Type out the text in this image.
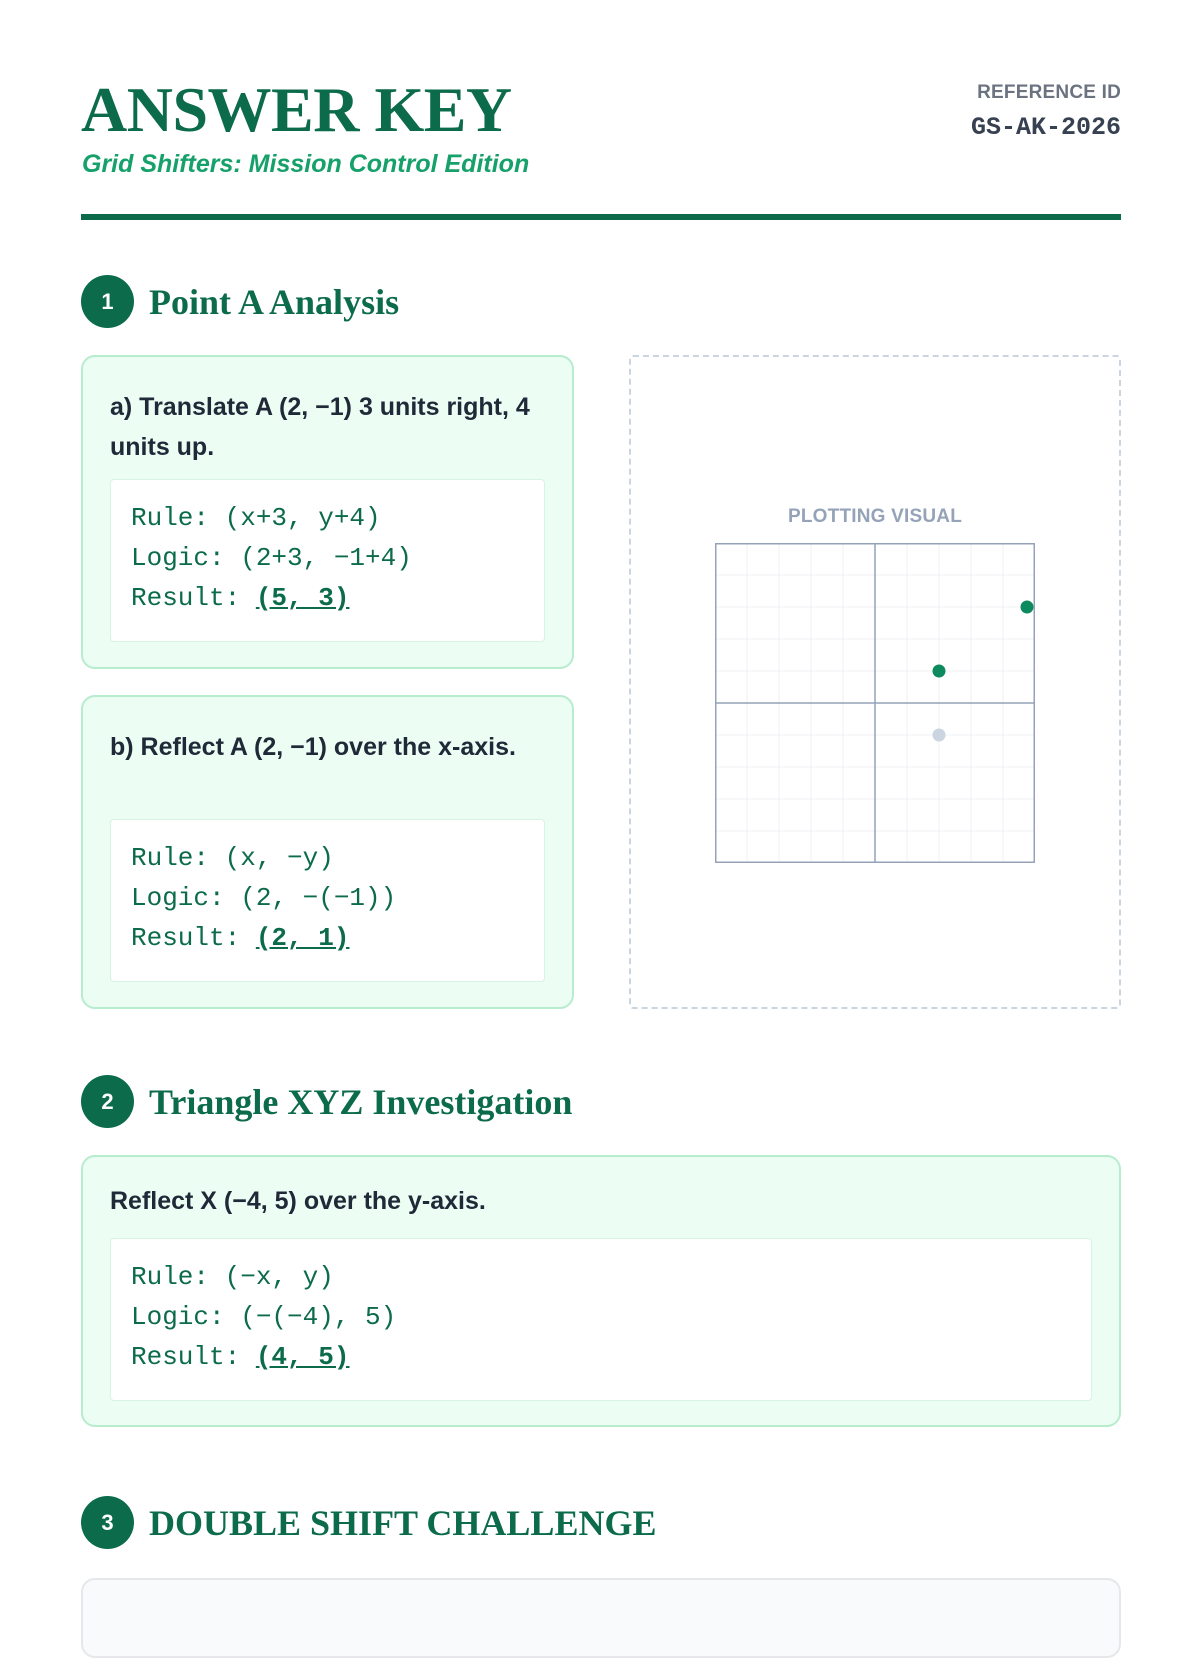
ANSWER KEY
Grid Shifters: Mission Control Edition
REFERENCE ID
GS-AK-2026
1 Point A Analysis
a) Translate A (2, −1) 3 units right, 4 units up.
Rule: (x+3, y+4)
Logic: (2+3, −1+4)
Result: (5, 3)
b) Reflect A (2, −1) over the x-axis.
Rule: (x, −y)
Logic: (2, −(−1))
Result: (2, 1)
PLOTTING VISUAL
2 Triangle XYZ Investigation
Reflect X (−4, 5) over the y-axis.
Rule: (−x, y)
Logic: (−(−4), 5)
Result: (4, 5)
3 DOUBLE SHIFT CHALLENGE
